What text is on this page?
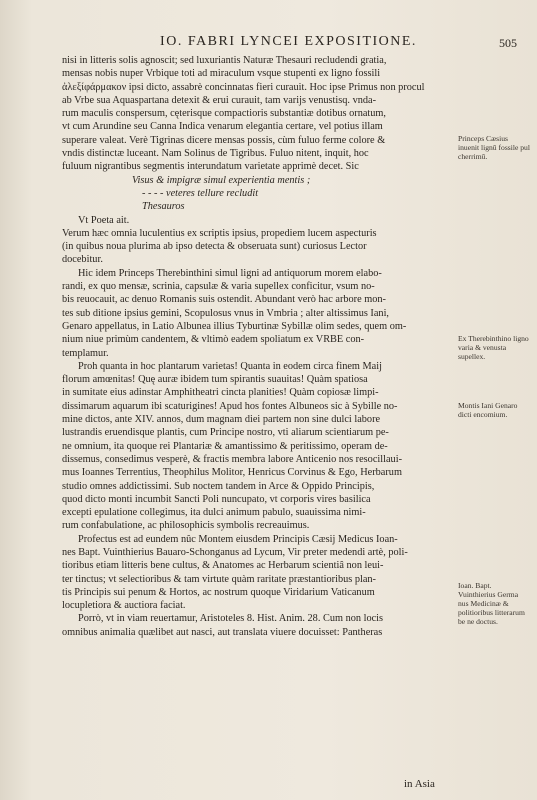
IO. FABRI LYNCEI EXPOSITIONE.	505
nisi in litteris solis agnoscit; sed luxuriantis Naturæ Thesauri recludendi gratia,
mensas nobis nuper Vrbique toti ad miraculum vsque stupenti ex ligno fossili
ἀλεξίφάρμακον ipsi dicto, assabrè concinnatas fieri curauit. Hoc ipse Primus non procul
ab Vrbe sua Aquaspartana detexit & erui curauit, tam varijs venustisq. vnda-
rum maculis conspersum, cęterisque compactioris substantiæ dotibus ornatum,
vt cum Arundine seu Canna Indica venarum elegantia certare, vel potius illam
superare valeat. Verè Tigrinas dicere mensas possis, cùm fuluo ferme colore &
vndis distinctæ luceant. Nam Solinus de Tigribus. Fuluo nitent, inquit, hoc
fuluum nigrantibus segmentis interundatum varietate apprimè decet. Sic
Visus & impigræ simul experientia mentis ;
- - - - veteres tellure recludit
Thesauros
Vt Poeta ait.
Verum hæc omnia luculentius ex scriptis ipsius, propediem lucem aspecturis
(in quibus noua plurima ab ipso detecta & obseruata sunt) curiosus Lector
docebitur.
Hic idem Princeps Therebinthini simul ligni ad antiquorum morem elabo-
randi, ex quo mensæ, scrinia, capsulæ & varia supellex conficitur, vsum no-
bis reuocauit, ac denuo Romanis suis ostendit. Abundant verò hac arbore mon-
tes sub ditione ipsius gemini, Scopulosus vnus in Vmbria ; alter altissimus Iani,
Genaro appellatus, in Latio Albunea illius Tyburtinæ Sybillæ olim sedes, quem om-
nium niue primùm candentem, & vltimò eadem spoliatum ex VRBE con-
templamur.
Proh quanta in hoc plantarum varietas! Quanta in eodem circa finem Maij
florum amœnitas! Quę auræ ibidem tum spirantis suauitas! Quàm spatiosa
in sumitate eius adinstar Amphitheatri cincta planities! Quàm copiosæ limpi-
dissimarum aquarum ibi scaturigines! Apud hos fontes Albuneos sic à Sybille no-
mine dictos, ante XIV. annos, dum magnam diei partem non sine dulci labore
lustrandis eruendisque plantis, cum Principe nostro, vti aliarum scientiarum pe-
ne omnium, ita quoque rei Plantariæ & amantissimo & peritissimo, operam de-
dissemus, consedimus vesperè, & fractis membra labore Anticenio nos resocillaui-
mus Ioannes Terrentius, Theophilus Molitor, Henricus Corvinus & Ego, Herbarum
studio omnes addictissimi. Sub noctem tandem in Arce & Oppido Principis,
quod dicto monti incumbit Sancti Poli nuncupato, vt corporis vires basilica
excepti epulatione collegimus, ita dulci animum pabulo, suauissima nimi-
rum confabulatione, ac philosophicis symbolis recreauimus.
Profectus est ad eundem nûc Montem eiusdem Principis Cæsij Medicus Ioan-
nes Bapt. Vuinthierius Bauaro-Schonganus ad Lycum, Vir preter medendi artè, poli-
tioribus etiam litteris bene cultus, & Anatomes ac Herbarum scientiâ non leui-
ter tinctus; vt selectioribus & tam virtute quàm raritate præstantioribus plan-
tis Principis sui penum & Hortos, ac nostrum quoque Viridarium Vaticanum
locupletiora & auctiora faciat.
Porrò, vt in viam reuertamur, Aristoteles 8. Hist. Anim. 28. Cum non locis
omnibus animalia quælibet aut nasci, aut translata viuere docuisset: Pantheras
in Asia
Princeps Cæsius inuenit lignū fossile pul cherrimū.
Ex Therebinthino ligno varia & venusta supellex.
Montis Iani Genaro dicti encomium.
Ioan. Bapt. Vuinthierius Germa nus Medicinæ & politioribus litterarum be ne doctus.
